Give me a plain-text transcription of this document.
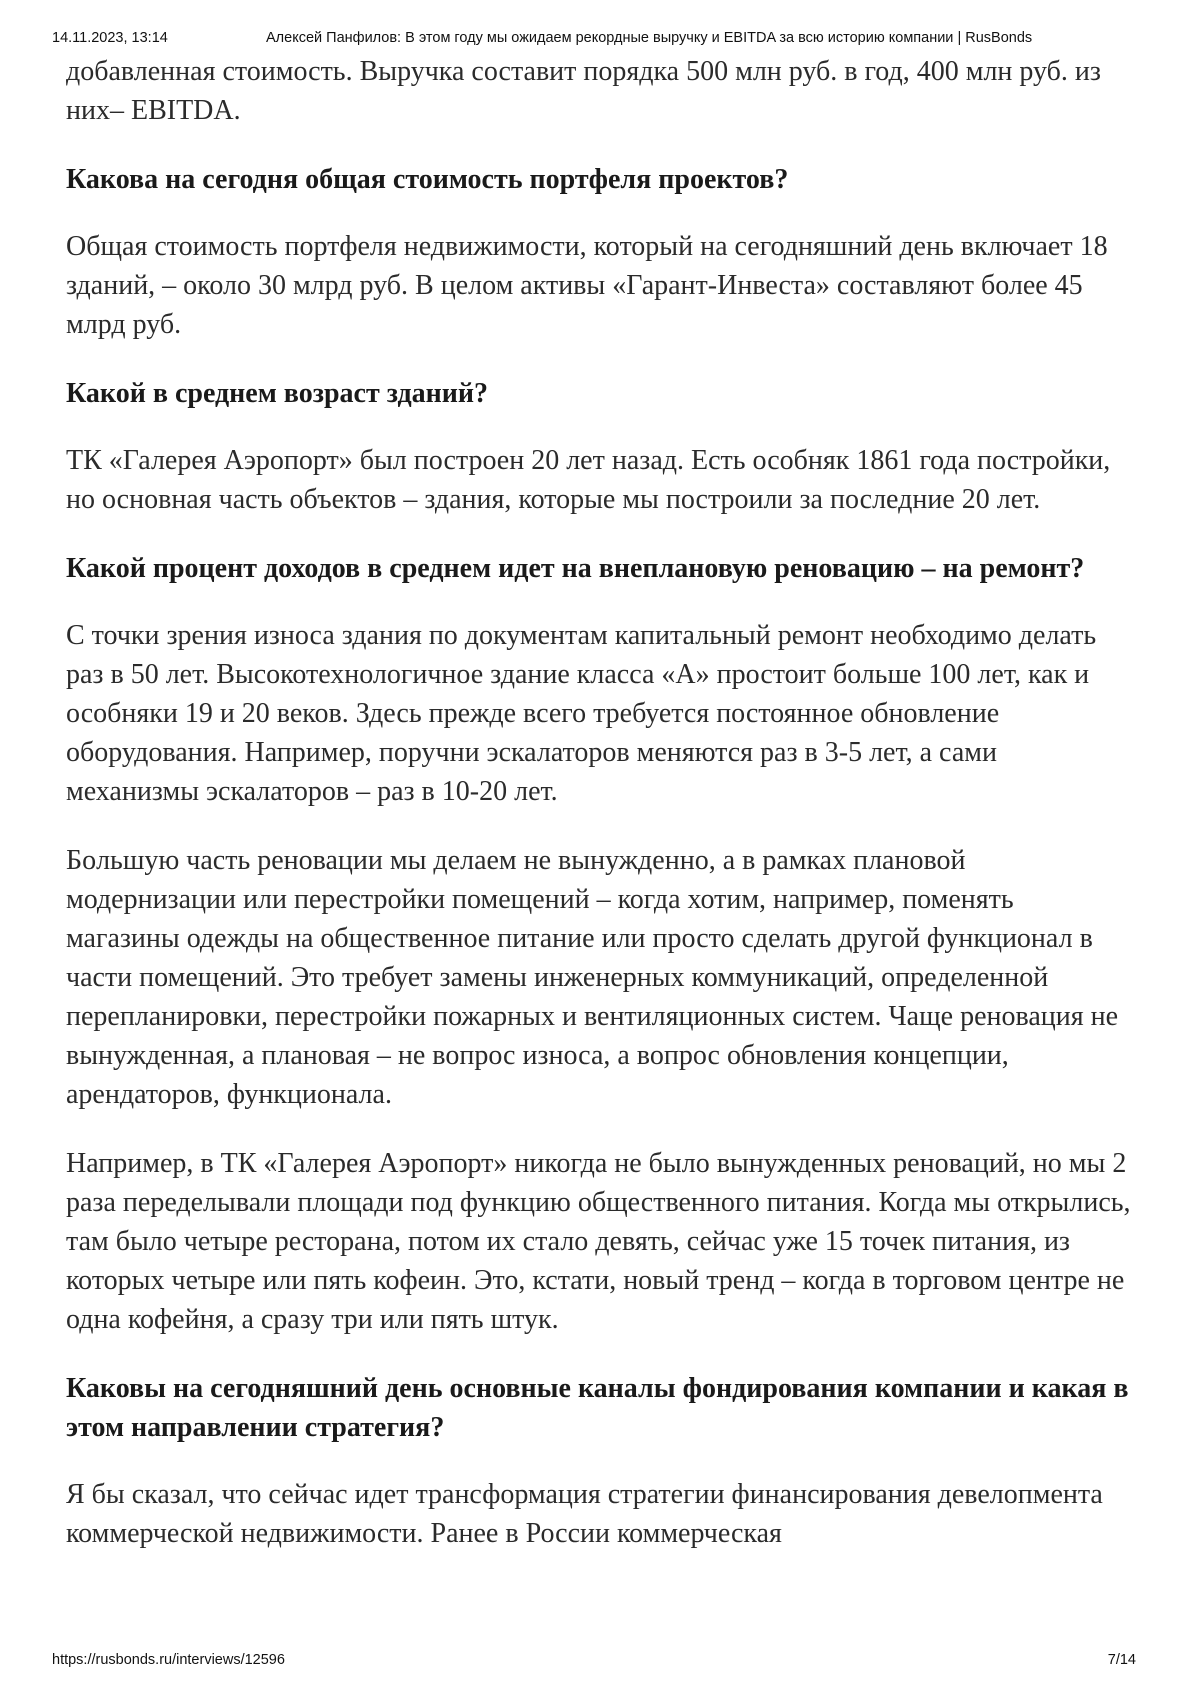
14.11.2023, 13:14	Алексей Панфилов: В этом году мы ожидаем рекордные выручку и EBITDA за всю историю компании | RusBonds

добавленная стоимость. Выручка составит порядка 500 млн руб. в год, 400 млн руб. из них– EBITDA.

Какова на сегодня общая стоимость портфеля проектов?

Общая стоимость портфеля недвижимости, который на сегодняшний день включает 18 зданий, – около 30 млрд руб. В целом активы «Гарант-Инвеста» составляют более 45 млрд руб.

Какой в среднем возраст зданий?

ТК «Галерея Аэропорт» был построен 20 лет назад. Есть особняк 1861 года постройки, но основная часть объектов – здания, которые мы построили за последние 20 лет.

Какой процент доходов в среднем идет на внеплановую реновацию – на ремонт?

С точки зрения износа здания по документам капитальный ремонт необходимо делать раз в 50 лет. Высокотехнологичное здание класса «А» простоит больше 100 лет, как и особняки 19 и 20 веков. Здесь прежде всего требуется постоянное обновление оборудования. Например, поручни эскалаторов меняются раз в 3-5 лет, а сами механизмы эскалаторов – раз в 10-20 лет.

Бoльшую часть реновации мы делаем не вынужденно, а в рамках плановой модернизации или перестройки помещений – когда хотим, например, поменять магазины одежды на общественное питание или просто сделать другой функционал в части помещений. Это требует замены инженерных коммуникаций, определенной перепланировки, перестройки пожарных и вентиляционных систем. Чаще реновация не вынужденная, а плановая – не вопрос износа, а вопрос обновления концепции, арендаторов, функционала.

Например, в ТК «Галерея Аэропорт» никогда не было вынужденных реноваций, но мы 2 раза переделывали площади под функцию общественного питания. Когда мы открылись, там было четыре ресторана, потом их стало девять, сейчас уже 15 точек питания, из которых четыре или пять кофеин. Это, кстати, новый тренд – когда в торговом центре не одна кофейня, а сразу три или пять штук.

Каковы на сегодняшний день основные каналы фондирования компании и какая в этом направлении стратегия?

Я бы сказал, что сейчас идет трансформация стратегии финансирования девелопмента коммерческой недвижимости. Ранее в России коммерческая

https://rusbonds.ru/interviews/12596	7/14
